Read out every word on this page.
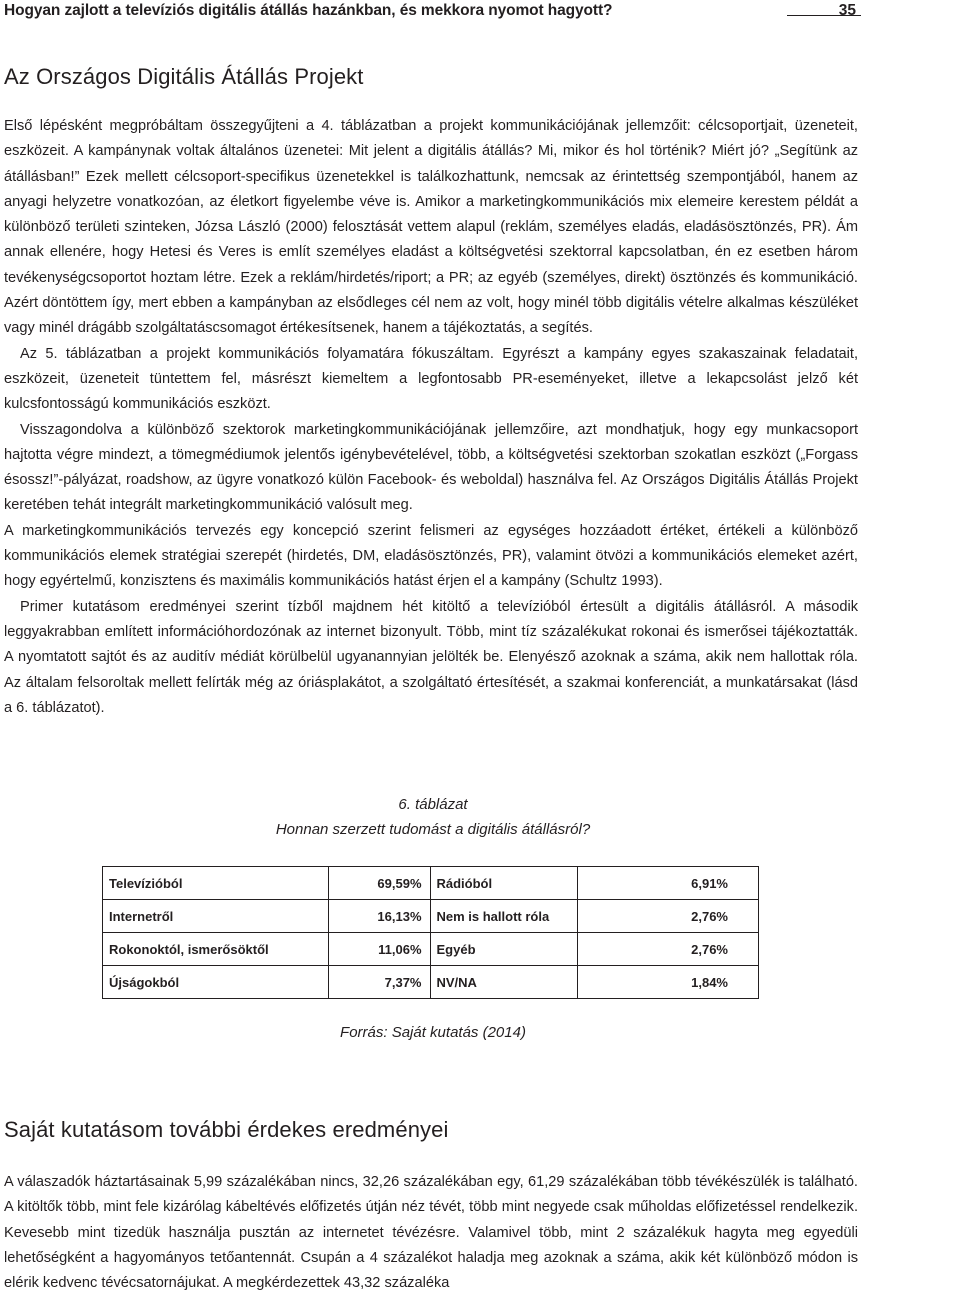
Hogyan zajlott a televíziós digitális átállás hazánkban, és mekkora nyomot hagyott?	35
Az Országos Digitális Átállás Projekt

Első lépésként megpróbáltam összegyűjteni a 4. táblázatban a projekt kommunikációjának jellemzőit: célcsoportjait, üzeneteit, eszközeit. A kampánynak voltak általános üzenetei: Mit jelent a digitális átállás? Mi, mikor és hol történik? Miért jó? „Segítünk az átállásban!” Ezek mellett célcsoport-specifikus üzenetekkel is találkozhattunk, nemcsak az érintettség szempontjából, hanem az anyagi helyzetre vonatkozóan, az életkort figyelembe véve is. Amikor a marketingkommunikációs mix elemeire kerestem példát a különböző területi szinteken, Józsa László (2000) felosztását vettem alapul (reklám, személyes eladás, eladásösztönzés, PR). Ám annak ellenére, hogy Hetesi és Veres is említ személyes eladást a költségvetési szektorral kapcsolatban, én ez esetben három tevékenységcsoportot hoztam létre. Ezek a reklám/hirdetés/riport; a PR; az egyéb (személyes, direkt) ösztönzés és kommunikáció. Azért döntöttem így, mert ebben a kampányban az elsődleges cél nem az volt, hogy minél több digitális vételre alkalmas készüléket vagy minél drágább szolgáltatáscsomagot értékesítsenek, hanem a tájékoztatás, a segítés.

Az 5. táblázatban a projekt kommunikációs folyamatára fókuszáltam. Egyrészt a kampány egyes szakaszainak feladatait, eszközeit, üzeneteit tüntettem fel, másrészt kiemeltem a legfontosabb PR-eseményeket, illetve a lekapcsolást jelző két kulcsfontosságú kommunikációs eszközt.

Visszagondolva a különböző szektorok marketingkommunikációjának jellemzőire, azt mondhatjuk, hogy egy munkacsoport hajtotta végre mindezt, a tömegmédiumok jelentős igénybevételével, több, a költségvetési szektorban szokatlan eszközt („Forgass ésossz!”-pályázat, roadshow, az ügyre vonatkozó külön Facebook- és weboldal) használva fel. Az Országos Digitális Átállás Projekt keretében tehát integrált marketingkommunikáció valósult meg.

A marketingkommunikációs tervezés egy koncepció szerint felismeri az egységes hozzáadott értéket, értékeli a különböző kommunikációs elemek stratégiai szerepét (hirdetés, DM, eladásösztönzés, PR), valamint ötvözi a kommunikációs elemeket azért, hogy egyértelmű, konzisztens és maximális kommunikációs hatást érjen el a kampány (Schultz 1993).

Primer kutatásom eredményei szerint tízből majdnem hét kitöltő a televízióból értesült a digitális átállásról. A második leggyakrabban említett információhordozónak az internet bizonyult. Több, mint tíz százalékukat rokonai és ismerősei tájékoztatták. A nyomtatott sajtót és az auditív médiát körülbelül ugyanannyian jelölték be. Elenyésző azoknak a száma, akik nem hallottak róla. Az általam felsoroltak mellett felírták még az óriásplakátot, a szolgáltató értesítését, a szakmai konferenciát, a munkatársakat (lásd a 6. táblázatot).

6. táblázat
Honnan szerzett tudomást a digitális átállásról?
Televízióból	69,59%	Rádióból	6,91%
Internetről	16,13%	Nem is hallott róla	2,76%
Rokonoktól, ismerősöktől	11,06%	Egyéb	2,76%
Újságokból	7,37%	NV/NA	1,84%
Forrás: Saját kutatás (2014)
Saját kutatásom további érdekes eredményei

A válaszadók háztartásainak 5,99 százalékában nincs, 32,26 százalékában egy, 61,29 százalékában több tévékészülék is található. A kitöltők több, mint fele kizárólag kábeltévés előfizetés útján néz tévét, több mint negyede csak műholdas előfizetéssel rendelkezik. Kevesebb mint tizedük használja pusztán az internetet tévézésre. Valamivel több, mint 2 százalékuk hagyta meg egyedüli lehetőségként a hagyományos tetőantennát. Csupán a 4 százalékot haladja meg azoknak a száma, akik két különböző módon is elérik kedvenc tévécsatornájukat. A megkérdezettek 43,32 százaléka
